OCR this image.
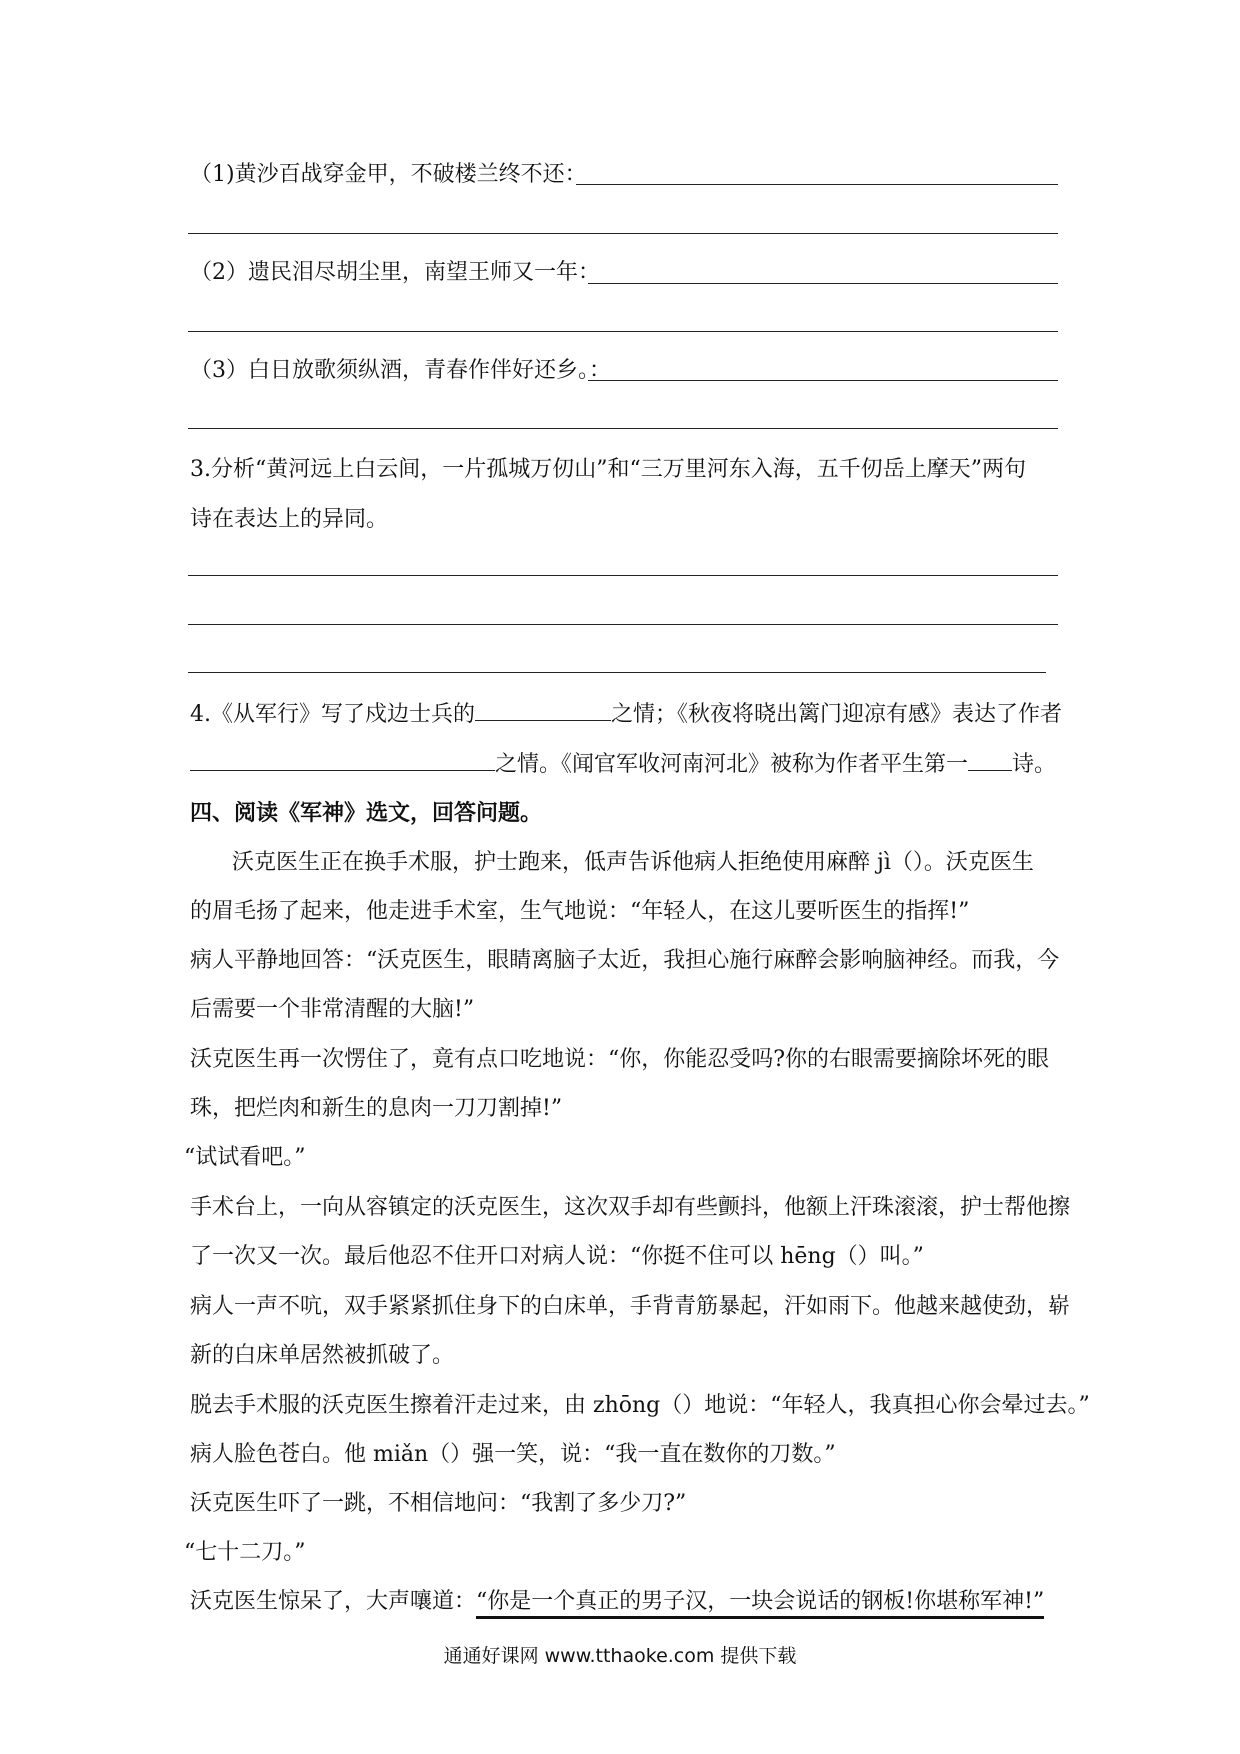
（1)黄沙百战穿金甲，不破楼兰终不还：
（2）遗民泪尽胡尘里，南望王师又一年：
（3）白日放歌须纵酒，青春作伴好还乡。：
3.分析“黄河远上白云间，一片孤城万仞山”和“三万里河东入海，五千仞岳上摩天”两句
诗在表达上的异同。
4.《从军行》写了戍边士兵的	之情；《秋夜将晓出篱门迎凉有感》表达了作者
之情。《闻官军收河南河北》被称为作者平生第一 诗。
四、阅读《军神》选文，回答问题。
沃克医生正在换手术服，护士跑来，低声告诉他病人拒绝使用麻醉 jì（）。沃克医生
的眉毛扬了起来，他走进手术室，生气地说：“年轻人，在这儿要听医生的指挥!”
病人平静地回答：“沃克医生，眼睛离脑子太近，我担心施行麻醉会影响脑神经。而我，今
后需要一个非常清醒的大脑!”
沃克医生再一次愣住了，竟有点口吃地说：“你，你能忍受吗?你的右眼需要摘除坏死的眼
珠，把烂肉和新生的息肉一刀刀割掉!”
“试试看吧。”
手术台上，一向从容镇定的沃克医生，这次双手却有些颤抖，他额上汗珠滚滚，护士帮他擦
了一次又一次。最后他忍不住开口对病人说：“你挺不住可以 hēng（）叫。”
病人一声不吭，双手紧紧抓住身下的白床单，手背青筋暴起，汗如雨下。他越来越使劲，崭
新的白床单居然被抓破了。
脱去手术服的沃克医生擦着汗走过来，由 zhōng（）地说：“年轻人，我真担心你会晕过去。”
病人脸色苍白。他 miǎn（）强一笑，说：“我一直在数你的刀数。”
沃克医生吓了一跳，不相信地问：“我割了多少刀?”
“七十二刀。”
沃克医生惊呆了，大声嚷道：“你是一个真正的男子汉，一块会说话的钢板!你堪称军神!”
通通好课网 www.tthaoke.com 提供下载
